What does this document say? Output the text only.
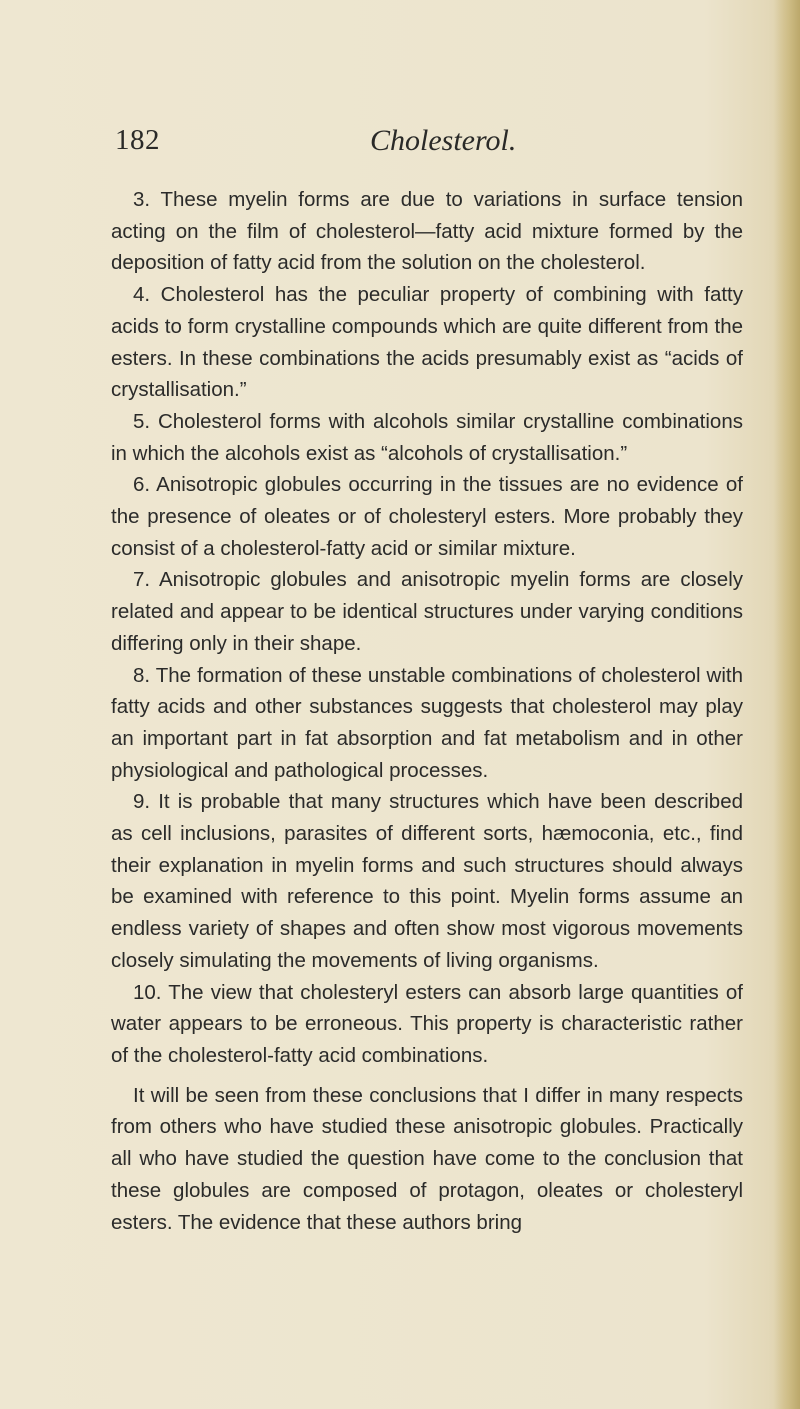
182	Cholesterol.

3. These myelin forms are due to variations in surface tension acting on the film of cholesterol—fatty acid mixture formed by the deposition of fatty acid from the solution on the cholesterol.

4. Cholesterol has the peculiar property of combining with fatty acids to form crystalline compounds which are quite different from the esters. In these combinations the acids presumably exist as “acids of crystallisation.”

5. Cholesterol forms with alcohols similar crystalline combinations in which the alcohols exist as “alcohols of crystallisation.”

6. Anisotropic globules occurring in the tissues are no evidence of the presence of oleates or of cholesteryl esters. More probably they consist of a cholesterol-fatty acid or similar mixture.

7. Anisotropic globules and anisotropic myelin forms are closely related and appear to be identical structures under varying conditions differing only in their shape.

8. The formation of these unstable combinations of cholesterol with fatty acids and other substances suggests that cholesterol may play an important part in fat absorption and fat metabolism and in other physiological and pathological processes.

9. It is probable that many structures which have been described as cell inclusions, parasites of different sorts, hæmoconia, etc., find their explanation in myelin forms and such structures should always be examined with reference to this point. Myelin forms assume an endless variety of shapes and often show most vigorous movements closely simulating the movements of living organisms.

10. The view that cholesteryl esters can absorb large quantities of water appears to be erroneous. This property is characteristic rather of the cholesterol-fatty acid combinations.

It will be seen from these conclusions that I differ in many respects from others who have studied these anisotropic globules. Practically all who have studied the question have come to the conclusion that these globules are composed of protagon, oleates or cholesteryl esters. The evidence that these authors bring
